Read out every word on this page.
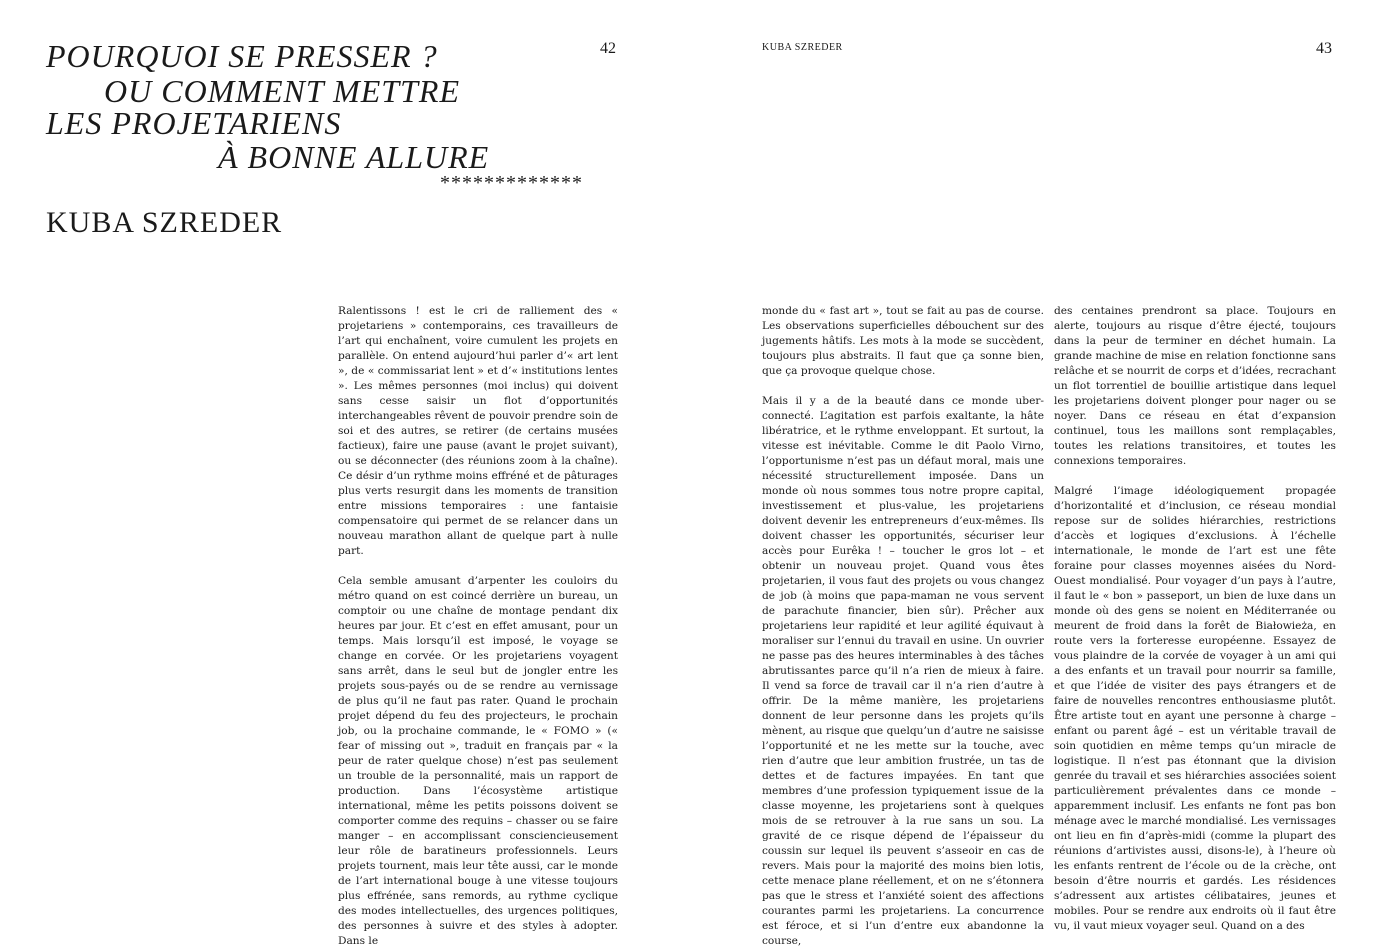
POURQUOI SE PRESSER ?
OU COMMENT METTRE
LES PROJETARIENS
À BONNE ALLURE
*************
42
KUBA SZREDER

Ralentissons ! est le cri de ralliement des « projetariens » contemporains, ces travailleurs de l’art qui enchaînent, voire cumulent les projets en parallèle. On entend aujourd’hui parler d’« art lent », de « commissariat lent » et d’« institutions lentes ». Les mêmes personnes (moi inclus) qui doivent sans cesse saisir un flot d’opportunités interchangeables rêvent de pouvoir prendre soin de soi et des autres, se retirer (de certains musées factieux), faire une pause (avant le projet suivant), ou se déconnecter (des réunions zoom à la chaîne). Ce désir d’un rythme moins effréné et de pâturages plus verts resurgit dans les moments de transition entre missions temporaires : une fantaisie compensatoire qui permet de se relancer dans un nouveau marathon allant de quelque part à nulle part.

Cela semble amusant d’arpenter les couloirs du métro quand on est coincé derrière un bureau, un comptoir ou une chaîne de montage pendant dix heures par jour. Et c’est en effet amusant, pour un temps. Mais lorsqu’il est imposé, le voyage se change en corvée. Or les projetariens voyagent sans arrêt, dans le seul but de jongler entre les projets sous-payés ou de se rendre au vernissage de plus qu’il ne faut pas rater. Quand le prochain projet dépend du feu des projecteurs, le prochain job, ou la prochaine commande, le « FOMO » (« fear of missing out », traduit en français par « la peur de rater quelque chose) n’est pas seulement un trouble de la personnalité, mais un rapport de production. Dans l’écosystème artistique international, même les petits poissons doivent se comporter comme des requins – chasser ou se faire manger – en accomplissant consciencieusement leur rôle de baratineurs professionnels. Leurs projets tournent, mais leur tête aussi, car le monde de l’art international bouge à une vitesse toujours plus effrénée, sans remords, au rythme cyclique des modes intellectuelles, des urgences politiques, des personnes à suivre et des styles à adopter. Dans le

KUBA SZREDER	43

monde du « fast art », tout se fait au pas de course. Les observations superficielles débouchent sur des jugements hâtifs. Les mots à la mode se succèdent, toujours plus abstraits. Il faut que ça sonne bien, que ça provoque quelque chose.

Mais il y a de la beauté dans ce monde uber-connecté. L’agitation est parfois exaltante, la hâte libératrice, et le rythme enveloppant. Et surtout, la vitesse est inévitable. Comme le dit Paolo Virno, l’opportunisme n’est pas un défaut moral, mais une nécessité structurellement imposée. Dans un monde où nous sommes tous notre propre capital, investissement et plus-value, les projetariens doivent devenir les entrepreneurs d’eux-mêmes. Ils doivent chasser les opportunités, sécuriser leur accès pour Eurêka ! – toucher le gros lot – et obtenir un nouveau projet. Quand vous êtes projetarien, il vous faut des projets ou vous changez de job (à moins que papa-maman ne vous servent de parachute financier, bien sûr). Prêcher aux projetariens leur rapidité et leur agilité équivaut à moraliser sur l’ennui du travail en usine. Un ouvrier ne passe pas des heures interminables à des tâches abrutissantes parce qu’il n’a rien de mieux à faire. Il vend sa force de travail car il n’a rien d’autre à offrir. De la même manière, les projetariens donnent de leur personne dans les projets qu’ils mènent, au risque que quelqu’un d’autre ne saisisse l’opportunité et ne les mette sur la touche, avec rien d’autre que leur ambition frustrée, un tas de dettes et de factures impayées. En tant que membres d’une profession typiquement issue de la classe moyenne, les projetariens sont à quelques mois de se retrouver à la rue sans un sou. La gravité de ce risque dépend de l’épaisseur du coussin sur lequel ils peuvent s’asseoir en cas de revers. Mais pour la majorité des moins bien lotis, cette menace plane réellement, et on ne s’étonnera pas que le stress et l’anxiété soient des affections courantes parmi les projetariens. La concurrence est féroce, et si l’un d’entre eux abandonne la course,

des centaines prendront sa place. Toujours en alerte, toujours au risque d’être éjecté, toujours dans la peur de terminer en déchet humain. La grande machine de mise en relation fonctionne sans relâche et se nourrit de corps et d’idées, recrachant un flot torrentiel de bouillie artistique dans lequel les projetariens doivent plonger pour nager ou se noyer. Dans ce réseau en état d’expansion continuel, tous les maillons sont remplaçables, toutes les relations transitoires, et toutes les connexions temporaires.

Malgré l’image idéologiquement propagée d’horizontalité et d’inclusion, ce réseau mondial repose sur de solides hiérarchies, restrictions d’accès et logiques d’exclusions. À l’échelle internationale, le monde de l’art est une fête foraine pour classes moyennes aisées du Nord-Ouest mondialisé. Pour voyager d’un pays à l’autre, il faut le « bon » passeport, un bien de luxe dans un monde où des gens se noient en Méditerranée ou meurent de froid dans la forêt de Białowieża, en route vers la forteresse européenne. Essayez de vous plaindre de la corvée de voyager à un ami qui a des enfants et un travail pour nourrir sa famille, et que l’idée de visiter des pays étrangers et de faire de nouvelles rencontres enthousiasme plutôt. Être artiste tout en ayant une personne à charge – enfant ou parent âgé – est un véritable travail de soin quotidien en même temps qu’un miracle de logistique. Il n’est pas étonnant que la division genrée du travail et ses hiérarchies associées soient particulièrement prévalentes dans ce monde – apparemment inclusif. Les enfants ne font pas bon ménage avec le marché mondialisé. Les vernissages ont lieu en fin d’après-midi (comme la plupart des réunions d’artivistes aussi, disons-le), à l’heure où les enfants rentrent de l’école ou de la crèche, ont besoin d’être nourris et gardés. Les résidences s’adressent aux artistes célibataires, jeunes et mobiles. Pour se rendre aux endroits où il faut être vu, il vaut mieux voyager seul. Quand on a des
